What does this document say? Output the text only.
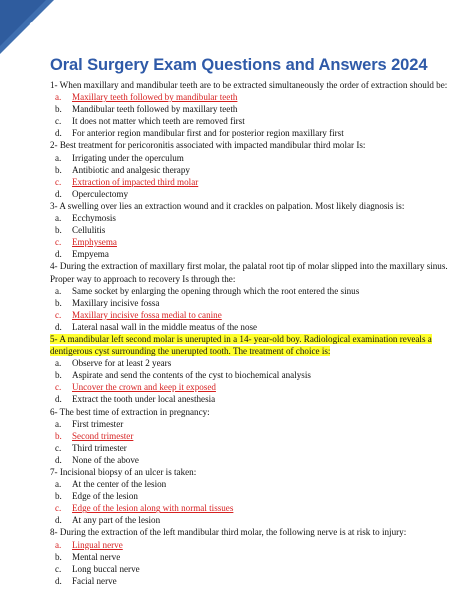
1
Oral Surgery Exam Questions and Answers 2024
1- When maxillary and mandibular teeth are to be extracted simultaneously the order of extraction should be:
a.	Maxillary teeth followed by mandibular teeth
b.	Mandibular teeth followed by maxillary teeth
c.	It does not matter which teeth are removed first
d.	For anterior region mandibular first and for posterior region maxillary first
2- Best treatment for pericoronitis associated with impacted mandibular third molar Is:
a.	Irrigating under the operculum
b.	Antibiotic and analgesic therapy
c.	Extraction of impacted third molar
d.	Operculectomy
3- A swelling over lies an extraction wound and it crackles on palpation. Most likely diagnosis is:
a.	Ecchymosis
b.	Cellulitis
c.	Emphysema
d.	Empyema
4- During the extraction of maxillary first molar, the palatal root tip of molar slipped into the maxillary sinus. Proper way to approach to recovery Is through the:
a.	Same socket by enlarging the opening through which the root entered the sinus
b.	Maxillary incisive fossa
c.	Maxillary incisive fossa medial to canine
d.	Lateral nasal wall in the middle meatus of the nose
5- A mandibular left second molar is unerupted in a 14- year-old boy. Radiological examination reveals a dentigerous cyst surrounding the unerupted tooth. The treatment of choice is:
a.	Observe for at least 2 years
b.	Aspirate and send the contents of the cyst to biochemical analysis
c.	Uncover the crown and keep it exposed
d.	Extract the tooth under local anesthesia
6- The best time of extraction in pregnancy:
a.	First trimester
b.	Second trimester
c.	Third trimester
d.	None of the above
7- Incisional biopsy of an ulcer is taken:
a.	At the center of the lesion
b.	Edge of the lesion
c.	Edge of the lesion along with normal tissues
d.	At any part of the lesion
8- During the extraction of the left mandibular third molar, the following nerve is at risk to injury:
a.	Lingual nerve
b.	Mental nerve
c.	Long buccal nerve
d.	Facial nerve
